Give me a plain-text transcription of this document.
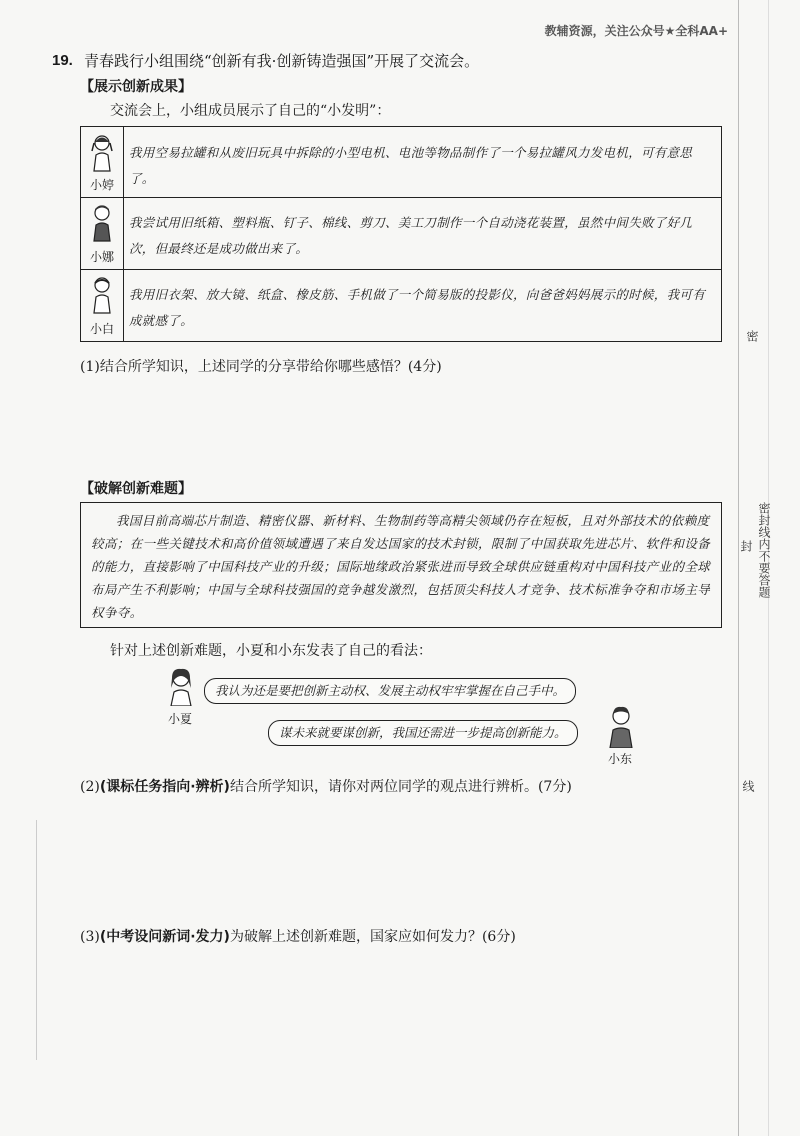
教辅资源，关注公众号★全科AA+
密
密封线内不要答题
封
线
19. 青春践行小组围绕“创新有我·创新铸造强国”开展了交流会。
【展示创新成果】
交流会上，小组成员展示了自己的“小发明”：
小婷
我用空易拉罐和从废旧玩具中拆除的小型电机、电池等物品制作了一个易拉罐风力发电机，可有意思了。
小娜
我尝试用旧纸箱、塑料瓶、钉子、棉线、剪刀、美工刀制作一个自动浇花装置，虽然中间失败了好几次，但最终还是成功做出来了。
小白
我用旧衣架、放大镜、纸盒、橡皮筋、手机做了一个简易版的投影仪，向爸爸妈妈展示的时候，我可有成就感了。
(1)结合所学知识，上述同学的分享带给你哪些感悟？(4分)
【破解创新难题】
我国目前高端芯片制造、精密仪器、新材料、生物制药等高精尖领域仍存在短板，且对外部技术的依赖度较高；在一些关键技术和高价值领域遭遇了来自发达国家的技术封锁，限制了中国获取先进芯片、软件和设备的能力，直接影响了中国科技产业的升级；国际地缘政治紧张进而导致全球供应链重构对中国科技产业的全球布局产生不利影响；中国与全球科技强国的竞争越发激烈，包括顶尖科技人才竞争、技术标准争夺和市场主导权争夺。
针对上述创新难题，小夏和小东发表了自己的看法：
小夏
我认为还是要把创新主动权、发展主动权牢牢掌握在自己手中。
谋未来就要谋创新，我国还需进一步提高创新能力。
小东
(2)(课标任务指向·辨析)结合所学知识，请你对两位同学的观点进行辨析。(7分)
(3)(中考设问新词·发力)为破解上述创新难题，国家应如何发力？(6分)
